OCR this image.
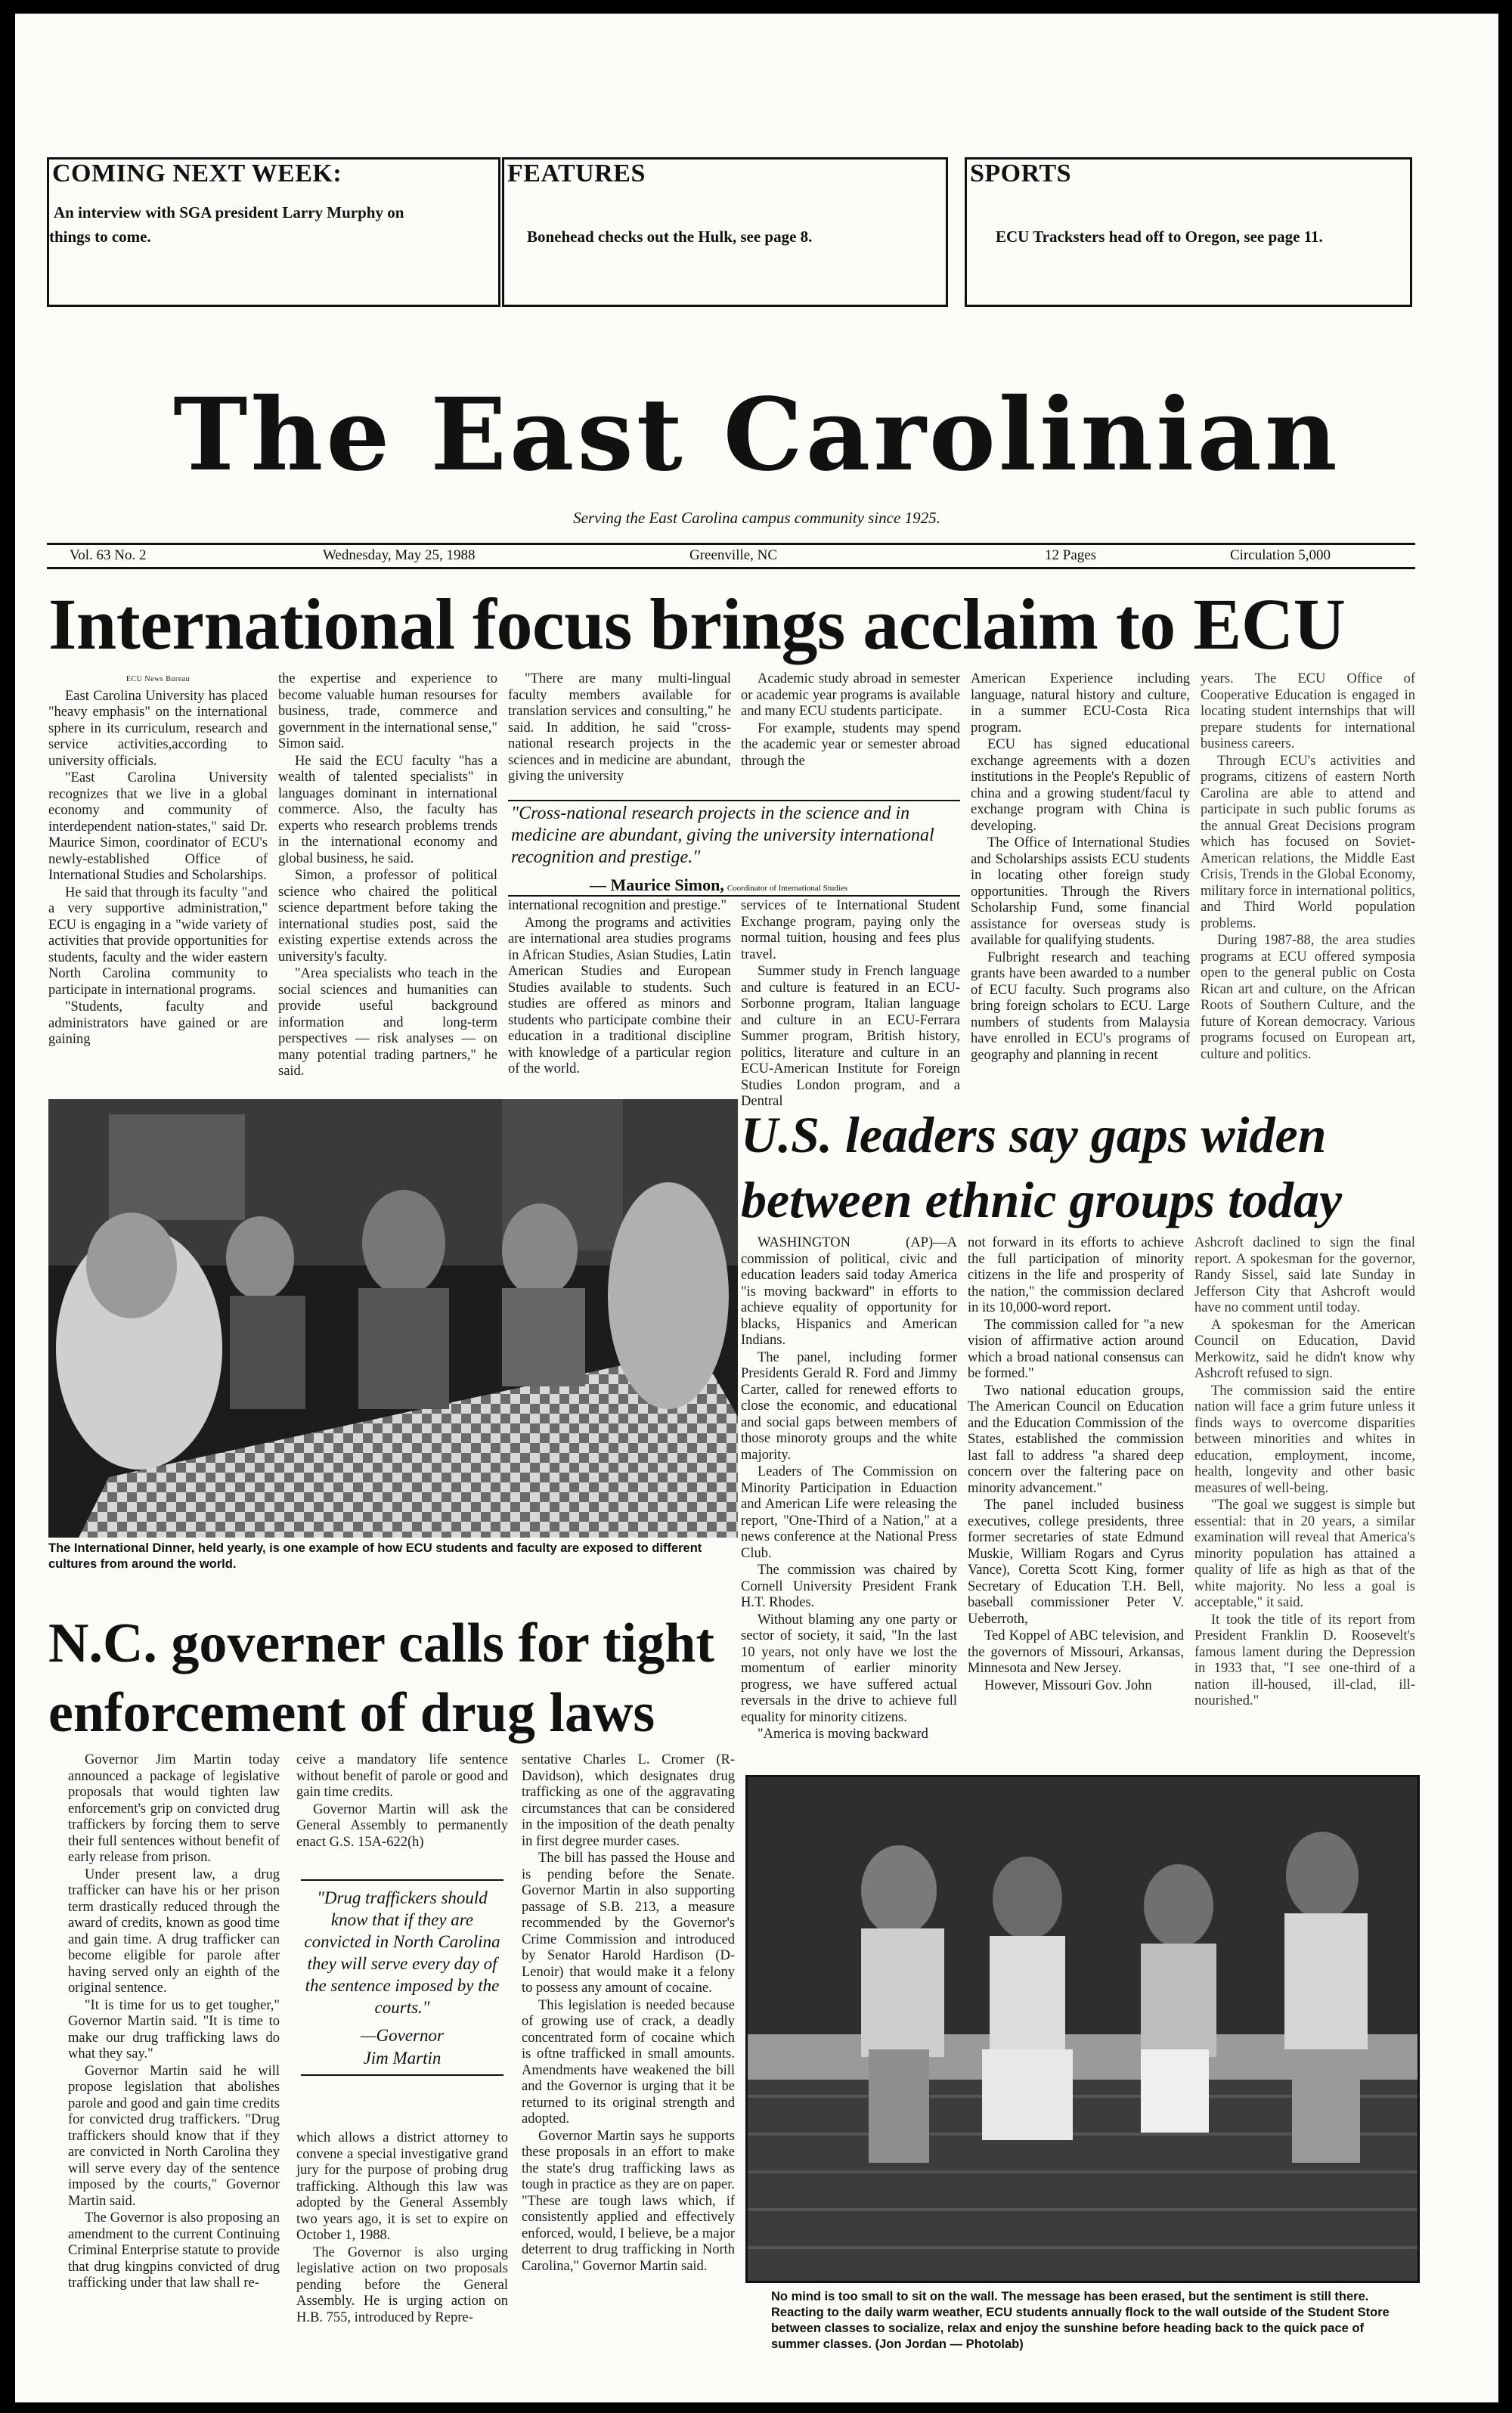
COMING NEXT WEEK:
An interview with SGA president Larry Murphy on
things to come.
FEATURES
Bonehead checks out the Hulk, see page 8.
SPORTS
ECU Tracksters head off to Oregon, see page 11.
The East Carolinian
Serving the East Carolina campus community since 1925.
Vol. 63 No. 2	Wednesday, May 25, 1988	Greenville, NC	12 Pages	Circulation 5,000
International focus brings acclaim to ECU

ECU News Bureau

East Carolina University has placed "heavy emphasis" on the international sphere in its curriculum, research and service activities,according to university officials.

"East Carolina University recognizes that we live in a global economy and community of interdependent nation-states," said Dr. Maurice Simon, coordinator of ECU's newly-established Office of International Studies and Scholarships.

He said that through its faculty "and a very supportive administration," ECU is engaging in a "wide variety of activities that provide opportunities for students, faculty and the wider eastern North Carolina community to participate in international programs.

"Students, faculty and administrators have gained or are gaining

the expertise and experience to become valuable human resourses for business, trade, commerce and government in the international sense," Simon said.

He said the ECU faculty "has a wealth of talented specialists" in languages dominant in international commerce. Also, the faculty has experts who research problems trends in the international economy and global business, he said.

Simon, a professor of political science who chaired the political science department before taking the international studies post, said the existing expertise extends across the university's faculty.

"Area specialists who teach in the social sciences and humanities can provide useful background information and long-term perspectives — risk analyses — on many potential trading partners," he said.

"There are many multi-lingual faculty members available for translation services and consulting," he said. In addition, he said "cross-national research projects in the sciences and in medicine are abundant, giving the university

"Cross-national research projects in the science and in medicine are abundant, giving the university international recognition and prestige."
— Maurice Simon, Coordinator of International Studies

international recognition and prestige."

Among the programs and activities are international area studies programs in African Studies, Asian Studies, Latin American Studies and European Studies available to students. Such studies are offered as minors and students who participate combine their education in a traditional discipline with knowledge of a particular region of the world.

Academic study abroad in semester or academic year programs is available and many ECU students participate.

For example, students may spend the academic year or semester abroad through the

services of te International Student Exchange program, paying only the normal tuition, housing and fees plus travel.

Summer study in French language and culture is featured in an ECU-Sorbonne program, Italian language and culture in an ECU-Ferrara Summer program, British history, politics, literature and culture in an ECU-American Institute for Foreign Studies London program, and a Dentral

American Experience including language, natural history and culture, in a summer ECU-Costa Rica program.

ECU has signed educational exchange agreements with a dozen institutions in the People's Republic of china and a growing student/facul ty exchange program with China is developing.

The Office of International Studies and Scholarships assists ECU students in locating other foreign study opportunities. Through the Rivers Scholarship Fund, some financial assistance for overseas study is available for qualifying students.

Fulbright research and teaching grants have been awarded to a number of ECU faculty. Such programs also bring foreign scholars to ECU. Large numbers of students from Malaysia have enrolled in ECU's programs of geography and planning in recent

years. The ECU Office of Cooperative Education is engaged in locating student internships that will prepare students for international business careers.

Through ECU's activities and programs, citizens of eastern North Carolina are able to attend and participate in such public forums as the annual Great Decisions program which has focused on Soviet-American relations, the Middle East Crisis, Trends in the Global Economy, military force in international politics, and Third World population problems.

During 1987-88, the area studies programs at ECU offered symposia open to the general public on Costa Rican art and culture, on the African Roots of Southern Culture, and the future of Korean democracy. Various programs focused on European art, culture and politics.

The International Dinner, held yearly, is one example of how ECU students and faculty are exposed to different cultures from around the world.
U.S. leaders say gaps widen
between ethnic groups today

WASHINGTON (AP)—A commission of political, civic and education leaders said today America "is moving backward" in efforts to achieve equality of opportunity for blacks, Hispanics and American Indians.

The panel, including former Presidents Gerald R. Ford and Jimmy Carter, called for renewed efforts to close the economic, and educational and social gaps between members of those minoroty groups and the white majority.

Leaders of The Commission on Minority Participation in Eduaction and American Life were releasing the report, "One-Third of a Nation," at a news conference at the National Press Club.

The commission was chaired by Cornell University President Frank H.T. Rhodes.

Without blaming any one party or sector of society, it said, "In the last 10 years, not only have we lost the momentum of earlier minority progress, we have suffered actual reversals in the drive to achieve full equality for minority citizens.

"America is moving backward

not forward in its efforts to achieve the full participation of minority citizens in the life and prosperity of the nation," the commission declared in its 10,000-word report.

The commission called for "a new vision of affirmative action around which a broad national consensus can be formed."

Two national education groups, The American Council on Education and the Education Commission of the States, established the commission last fall to address "a shared deep concern over the faltering pace on minority advancement."

The panel included business executives, college presidents, three former secretaries of state Edmund Muskie, William Rogars and Cyrus Vance), Coretta Scott King, former Secretary of Education T.H. Bell, baseball commissioner Peter V. Ueberroth,

Ted Koppel of ABC television, and the governors of Missouri, Arkansas, Minnesota and New Jersey.

However, Missouri Gov. John

Ashcroft daclined to sign the final report. A spokesman for the governor, Randy Sissel, said late Sunday in Jefferson City that Ashcroft would have no comment until today.

A spokesman for the American Council on Education, David Merkowitz, said he didn't know why Ashcroft refused to sign.

The commission said the entire nation will face a grim future unless it finds ways to overcome disparities between minorities and whites in education, employment, income, health, longevity and other basic measures of well-being.

"The goal we suggest is simple but essential: that in 20 years, a similar examination will reveal that America's minority population has attained a quality of life as high as that of the white majority. No less a goal is acceptable," it said.

It took the title of its report from President Franklin D. Roosevelt's famous lament during the Depression in 1933 that, "I see one-third of a nation ill-housed, ill-clad, ill-nourished."

N.C. governer calls for tight
enforcement of drug laws

Governor Jim Martin today announced a package of legislative proposals that would tighten law enforcement's grip on convicted drug traffickers by forcing them to serve their full sentences without benefit of early release from prison.

Under present law, a drug trafficker can have his or her prison term drastically reduced through the award of credits, known as good time and gain time. A drug trafficker can become eligible for parole after having served only an eighth of the original sentence.

"It is time for us to get tougher," Governor Martin said. "It is time to make our drug trafficking laws do what they say."

Governor Martin said he will propose legislation that abolishes parole and good and gain time credits for convicted drug traffickers. "Drug traffickers should know that if they are convicted in North Carolina they will serve every day of the sentence imposed by the courts," Governor Martin said.

The Governor is also proposing an amendment to the current Continuing Criminal Enterprise statute to provide that drug kingpins convicted of drug trafficking under that law shall re-

ceive a mandatory life sentence without benefit of parole or good and gain time credits.

Governor Martin will ask the General Assembly to permanently enact G.S. 15A-622(h)

"Drug traffickers should know that if they are convicted in North Carolina they will serve every day of the sentence imposed by the courts."
—Governor
Jim Martin

which allows a district attorney to convene a special investigative grand jury for the purpose of probing drug trafficking. Although this law was adopted by the General Assembly two years ago, it is set to expire on October 1, 1988.

The Governor is also urging legislative action on two proposals pending before the General Assembly. He is urging action on H.B. 755, introduced by Repre-

sentative Charles L. Cromer (R-Davidson), which designates drug trafficking as one of the aggravating circumstances that can be considered in the imposition of the death penalty in first degree murder cases.

The bill has passed the House and is pending before the Senate. Governor Martin in also supporting passage of S.B. 213, a measure recommended by the Governor's Crime Commission and introduced by Senator Harold Hardison (D-Lenoir) that would make it a felony to possess any amount of cocaine.

This legislation is needed because of growing use of crack, a deadly concentrated form of cocaine which is oftne trafficked in small amounts. Amendments have weakened the bill and the Governor is urging that it be returned to its original strength and adopted.

Governor Martin says he supports these proposals in an effort to make the state's drug trafficking laws as tough in practice as they are on paper. "These are tough laws which, if consistently applied and effectively enforced, would, I believe, be a major deterrent to drug trafficking in North Carolina," Governor Martin said.

No mind is too small to sit on the wall. The message has been erased, but the sentiment is still there. Reacting to the daily warm weather, ECU students annually flock to the wall outside of the Student Store between classes to socialize, relax and enjoy the sunshine before heading back to the quick pace of summer classes. (Jon Jordan — Photolab)
